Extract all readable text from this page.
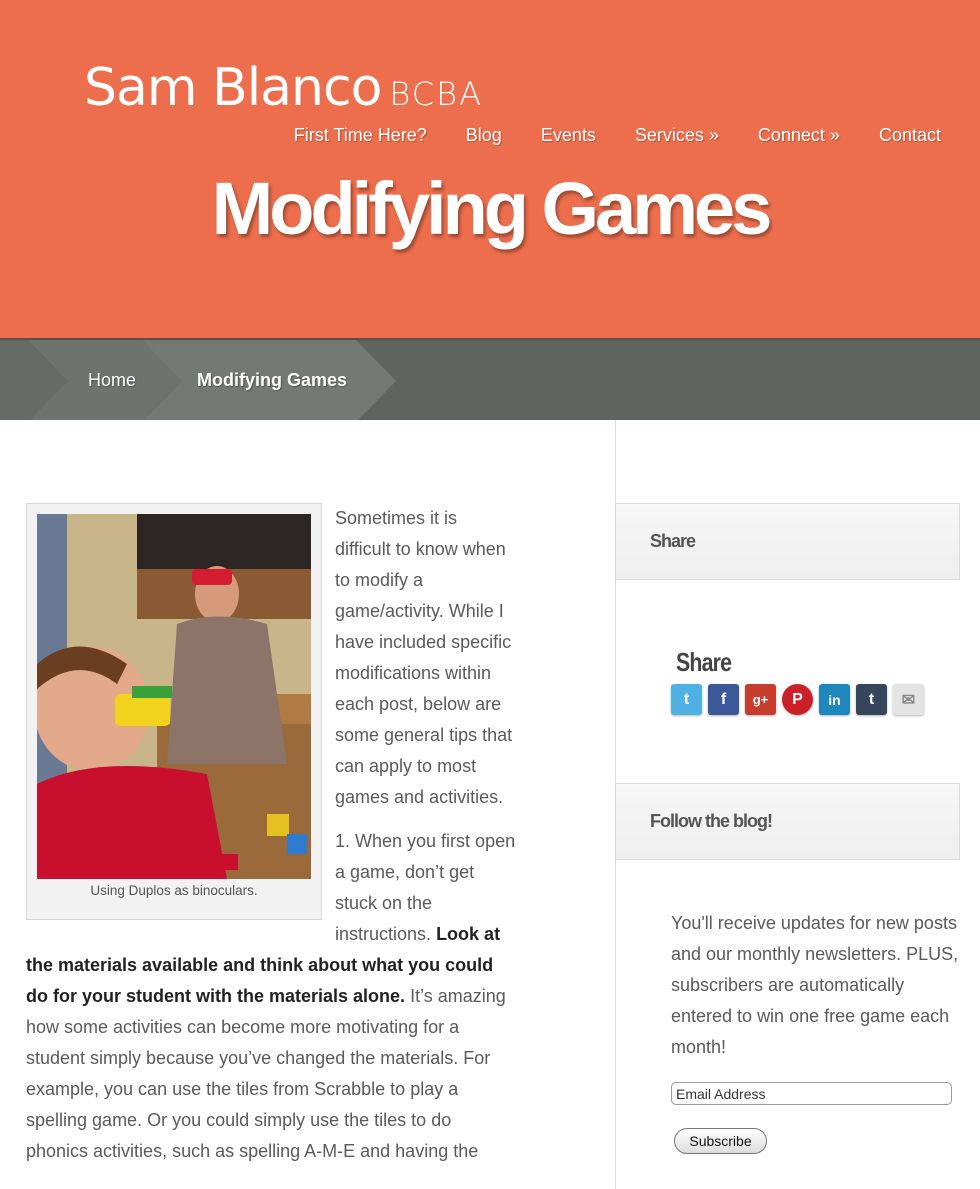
Sam Blanco BCBA
First Time Here? Blog Events Services » Connect » Contact
Modifying Games
Home	Modifying Games
Using Duplos as binoculars.

Sometimes it is difficult to know when to modify a game/activity. While I have included specific modifications within each post, below are some general tips that can apply to most games and activities.

1. When you first open a game, don’t get stuck on the instructions. Look at the materials available and think about what you could do for your student with the materials alone. It’s amazing how some activities can become more motivating for a student simply because you’ve changed the materials. For example, you can use the tiles from Scrabble to play a spelling game. Or you could simply use the tiles to do phonics activities, such as spelling A-M-E and having the

Share
Share
t	f	g+	P	in	t	✉
Follow the blog!

You'll receive updates for new posts and our monthly newsletters. PLUS, subscribers are automatically entered to win one free game each month!

Email Address
Subscribe
